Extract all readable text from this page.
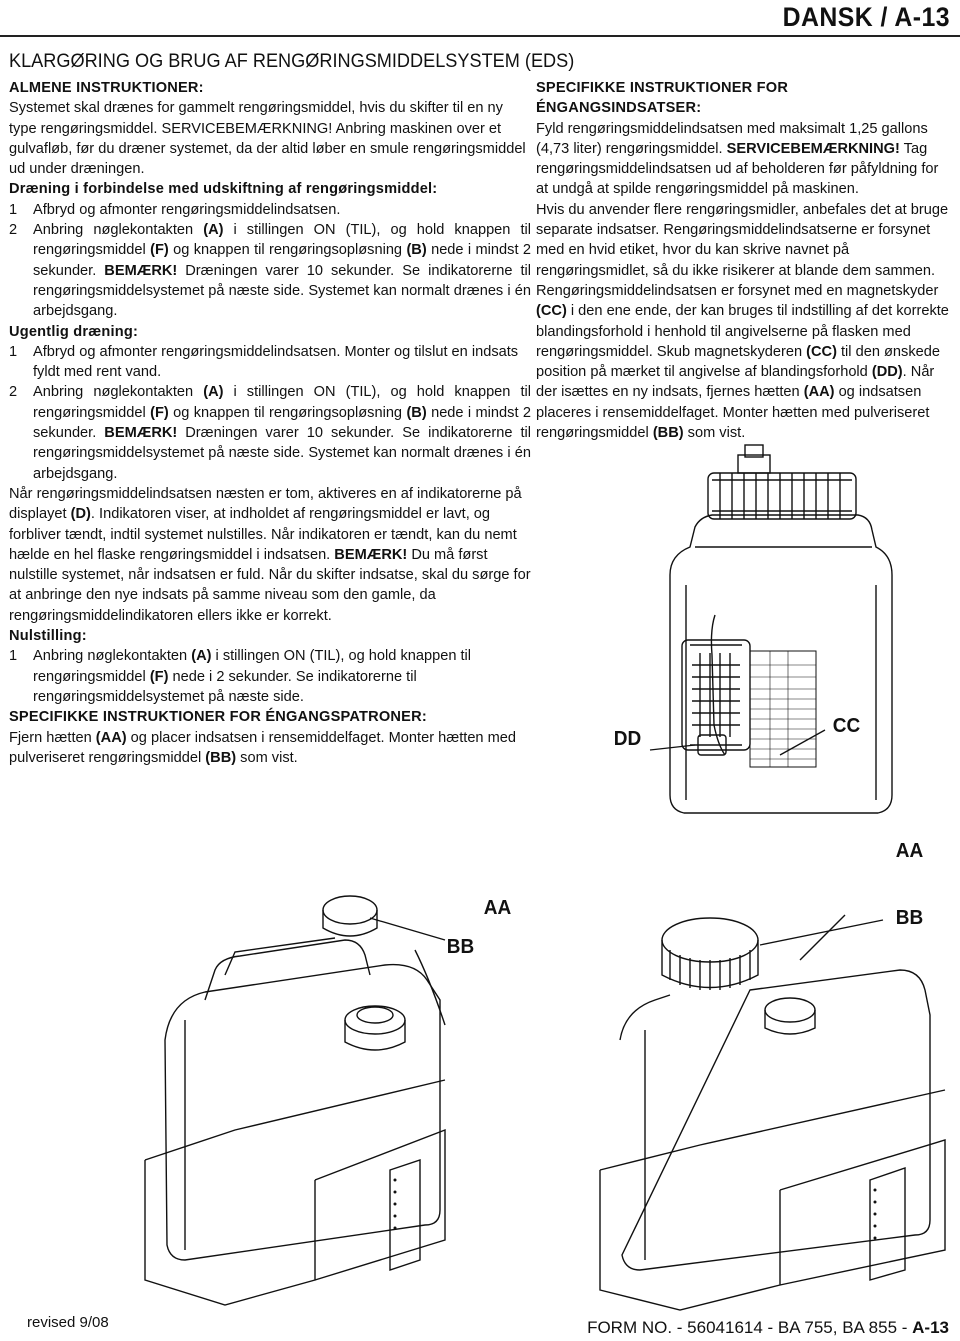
DANSK / A-13
KLARGØRING OG BRUG AF RENGØRINGSMIDDELSYSTEM (EDS)

ALMENE INSTRUKTIONER:

Systemet skal drænes for gammelt rengøringsmiddel, hvis du skifter til en ny type rengøringsmiddel. SERVICEBEMÆRKNING! Anbring maskinen over et gulvafløb, før du dræner systemet, da der altid løber en smule rengøringsmiddel ud under dræningen.

Dræning i forbindelse med udskiftning af rengøringsmiddel:

1	Afbryd og afmonter rengøringsmiddelindsatsen.
2	Anbring nøglekontakten (A) i stillingen ON (TIL), og hold knappen til rengøringsmiddel (F) og knappen til rengøringsopløsning (B) nede i mindst 2 sekunder. BEMÆRK! Dræningen varer 10 sekunder. Se indikatorerne til rengøringsmiddelsystemet på næste side. Systemet kan normalt drænes i én arbejdsgang.

Ugentlig dræning:

1	Afbryd og afmonter rengøringsmiddelindsatsen. Monter og tilslut en indsats fyldt med rent vand.
2	Anbring nøglekontakten (A) i stillingen ON (TIL), og hold knappen til rengøringsmiddel (F) og knappen til rengøringsopløsning (B) nede i mindst 2 sekunder. BEMÆRK! Dræningen varer 10 sekunder. Se indikatorerne til rengøringsmiddelsystemet på næste side. Systemet kan normalt drænes i én arbejdsgang.

Når rengøringsmiddelindsatsen næsten er tom, aktiveres en af indikatorerne på displayet (D). Indikatoren viser, at indholdet af rengøringsmiddel er lavt, og forbliver tændt, indtil systemet nulstilles. Når indikatoren er tændt, kan du nemt hælde en hel flaske rengøringsmiddel i indsatsen. BEMÆRK! Du må først nulstille systemet, når indsatsen er fuld. Når du skifter indsatse, skal du sørge for at anbringe den nye indsats på samme niveau som den gamle, da rengøringsmiddelindikatoren ellers ikke er korrekt.

Nulstilling:

1	Anbring nøglekontakten (A) i stillingen ON (TIL), og hold knappen til rengøringsmiddel (F) nede i 2 sekunder. Se indikatorerne til rengøringsmiddelsystemet på næste side.

SPECIFIKKE INSTRUKTIONER FOR ÉNGANGSPATRONER:

Fjern hætten (AA) og placer indsatsen i rensemiddelfaget. Monter hætten med pulveriseret rengøringsmiddel (BB) som vist.

SPECIFIKKE INSTRUKTIONER FOR ÉNGANGSINDSATSER:

Fyld rengøringsmiddelindsatsen med maksimalt 1,25 gallons (4,73 liter) rengøringsmiddel. SERVICEBEMÆRKNING! Tag rengøringsmiddelindsatsen ud af beholderen før påfyldning for at undgå at spilde rengøringsmiddel på maskinen.

Hvis du anvender flere rengøringsmidler, anbefales det at bruge separate indsatser. Rengøringsmiddelindsatserne er forsynet med en hvid etiket, hvor du kan skrive navnet på rengøringsmidlet, så du ikke risikerer at blande dem sammen. Rengøringsmiddelindsatsen er forsynet med en magnetskyder (CC) i den ene ende, der kan bruges til indstilling af det korrekte blandingsforhold i henhold til angivelserne på flasken med rengøringsmiddel. Skub magnetskyderen (CC) til den ønskede position på mærket til angivelse af blandingsforhold (DD). Når der isættes en ny indsats, fjernes hætten (AA) og indsatsen placeres i rensemiddelfaget. Monter hætten med pulveriseret rengøringsmiddel (BB) som vist.

DD
CC
AA
BB
AA
BB
revised 9/08	FORM NO. - 56041614 - BA 755, BA 855 - A-13
